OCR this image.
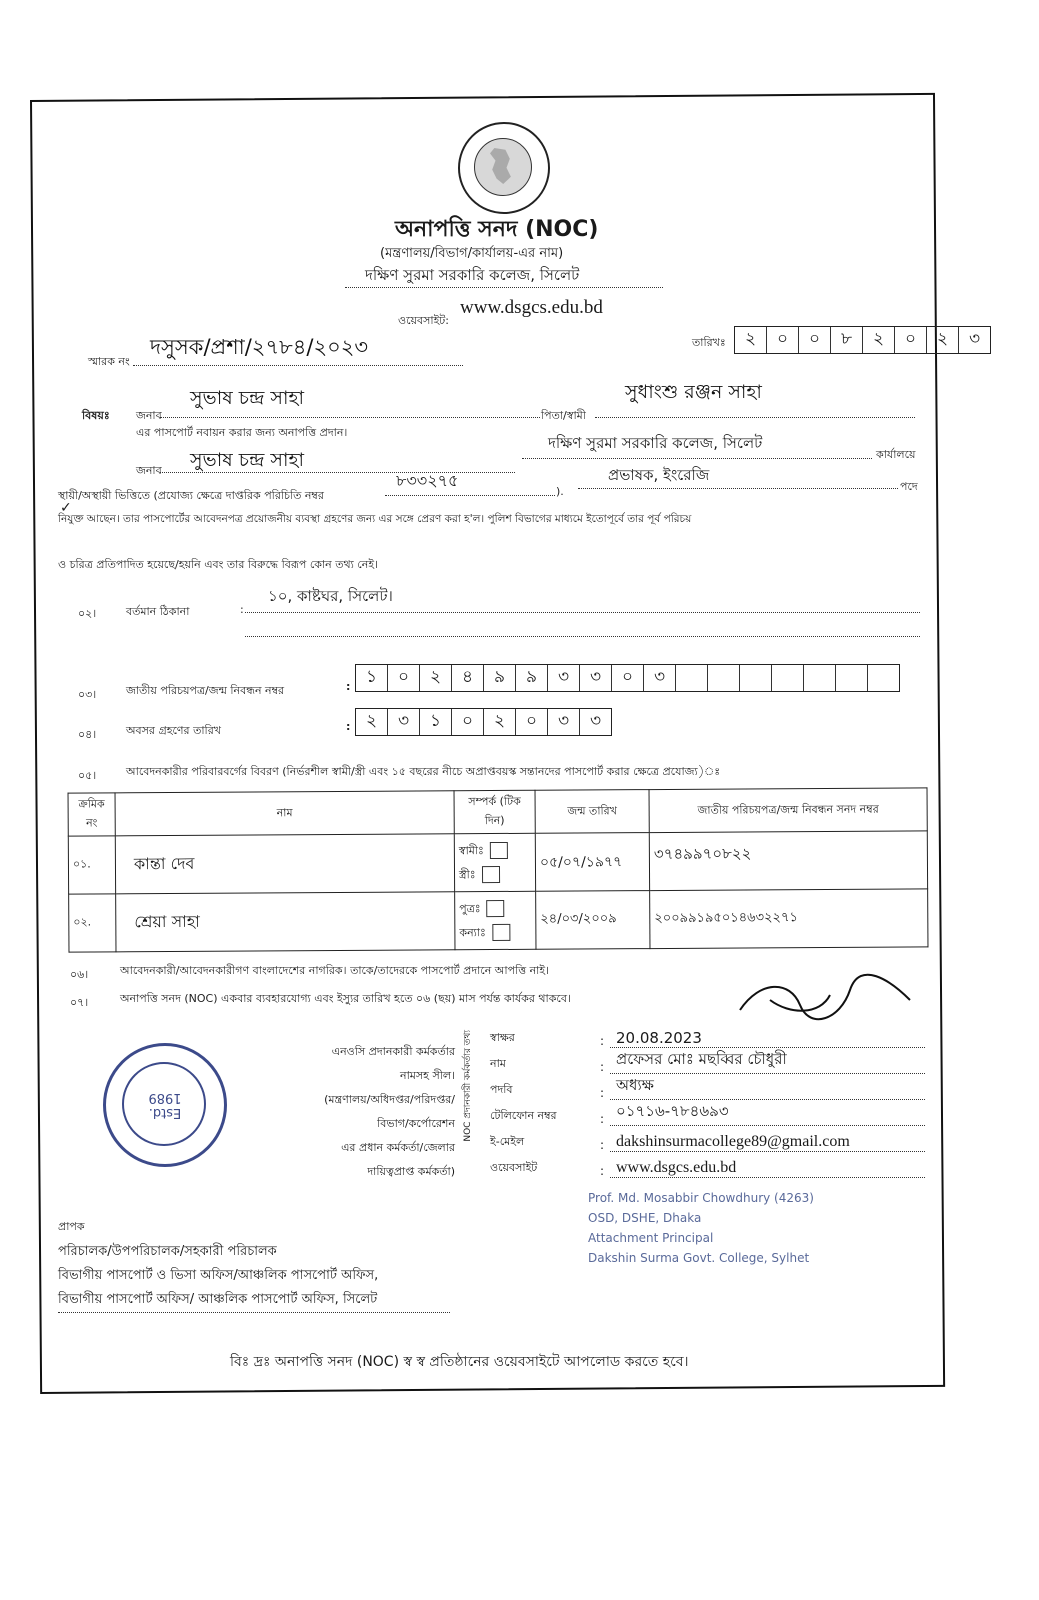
অনাপত্তি সনদ (NOC)
(মন্ত্রণালয়/বিভাগ/কার্যালয়-এর নাম)
দক্ষিণ সুরমা সরকারি কলেজ, সিলেট
ওয়েবসাইট:
www.dsgcs.edu.bd
স্মারক নং
দসুসক/প্রশা/২৭৮৪/২০২৩	তারিখঃ	২	০	০	৮	২	০	২	৩
বিষয়ঃ জনাব
সুভাষ চন্দ্র সাহা
পিতা/স্বামী
সুধাংশু রঞ্জন সাহা
এর পাসপোর্ট নবায়ন করার জন্য অনাপত্তি প্রদান।
জনাব সুভাষ চন্দ্র সাহা
দক্ষিণ সুরমা সরকারি কলেজ, সিলেট
কার্যালয়ে
স্থায়ী/অস্থায়ী ভিত্তিতে (প্রযোজ্য ক্ষেত্রে দাপ্তরিক পরিচিতি নম্বর
৮৩৩২৭৫
).
প্রভাষক, ইংরেজি
পদে
✓
নিযুক্ত আছেন। তার পাসপোর্টের আবেদনপত্র প্রয়োজনীয় ব্যবস্থা গ্রহণের জন্য এর সঙ্গে প্রেরণ করা হ'ল। পুলিশ বিভাগের মাধ্যমে ইতোপূর্বে তার পূর্ব পরিচয়
ও চরিত্র প্রতিপাদিত হয়েছে/হয়নি এবং তার বিরুদ্ধে বিরূপ কোন তথ্য নেই।
০২।	বর্তমান ঠিকানা	:
১০, কাষ্টঘর, সিলেট।
০৩।	জাতীয় পরিচয়পত্র/জন্ম নিবন্ধন নম্বর	: ১	০	২	৪	৯	৯	৩	৩	০	৩
০৪।	অবসর গ্রহণের তারিখ	: ২	৩	১	০	২	০	৩	৩
০৫।	আবেদনকারীর পরিবারবর্গের বিবরণ (নির্ভরশীল স্বামী/স্ত্রী এবং ১৫ বছরের নীচে অপ্রাপ্তবয়স্ক সন্তানদের পাসপোর্ট করার ক্ষেত্রে প্রযোজ্য)ঃ
ক্রমিক নং	নাম	সম্পর্ক (টিক দিন)	জন্ম তারিখ	জাতীয় পরিচয়পত্র/জন্ম নিবন্ধন সনদ নম্বর
০১.	কান্তা দেব	স্বামীঃ
স্ত্রীঃ	০৫/০৭/১৯৭৭	৩৭৪৯৯৭০৮২২
০২.	শ্রেয়া সাহা	পুত্রঃ
কন্যাঃ	২৪/০৩/২০০৯	২০০৯৯১৯৫০১৪৬৩২২৭১
০৬।	আবেদনকারী/আবেদনকারীগণ বাংলাদেশের নাগরিক। তাকে/তাদেরকে পাসপোর্ট প্রদানে আপত্তি নাই।
০৭।	অনাপত্তি সনদ (NOC) একবার ব্যবহারযোগ্য এবং ইস্যুর তারিখ হতে ০৬ (ছয়) মাস পর্যন্ত কার্যকর থাকবে।
এনওসি প্রদানকারী কর্মকর্তার
নামসহ সীল।
(মন্ত্রণালয়/অধিদপ্তর/পরিদপ্তর/
বিভাগ/কর্পোরেশন
এর প্রধান কর্মকর্তা/জেলার
দায়িত্বপ্রাপ্ত কর্মকর্তা)
NOC প্রদানকারী কর্মকর্তার তথ্য স্বাক্ষর	: 20.08.2023
নাম	: প্রফেসর মোঃ মছব্বির চৌধুরী
পদবি	: অধ্যক্ষ
টেলিফোন নম্বর	: ০১৭১৬-৭৮৪৬৯৩
ই-মেইল	: dakshinsurmacollege89@gmail.com
ওয়েবসাইট	: www.dsgcs.edu.bd
Estd.
1989
Prof. Md. Mosabbir Chowdhury (4263)
OSD, DSHE, Dhaka
Attachment Principal
Dakshin Surma Govt. College, Sylhet
প্রাপক
পরিচালক/উপপরিচালক/সহকারী পরিচালক
বিভাগীয় পাসপোর্ট ও ভিসা অফিস/আঞ্চলিক পাসপোর্ট অফিস,
বিভাগীয় পাসপোর্ট অফিস/ আঞ্চলিক পাসপোর্ট অফিস, সিলেট
বিঃ দ্রঃ অনাপত্তি সনদ (NOC) স্ব স্ব প্রতিষ্ঠানের ওয়েবসাইটে আপলোড করতে হবে।
